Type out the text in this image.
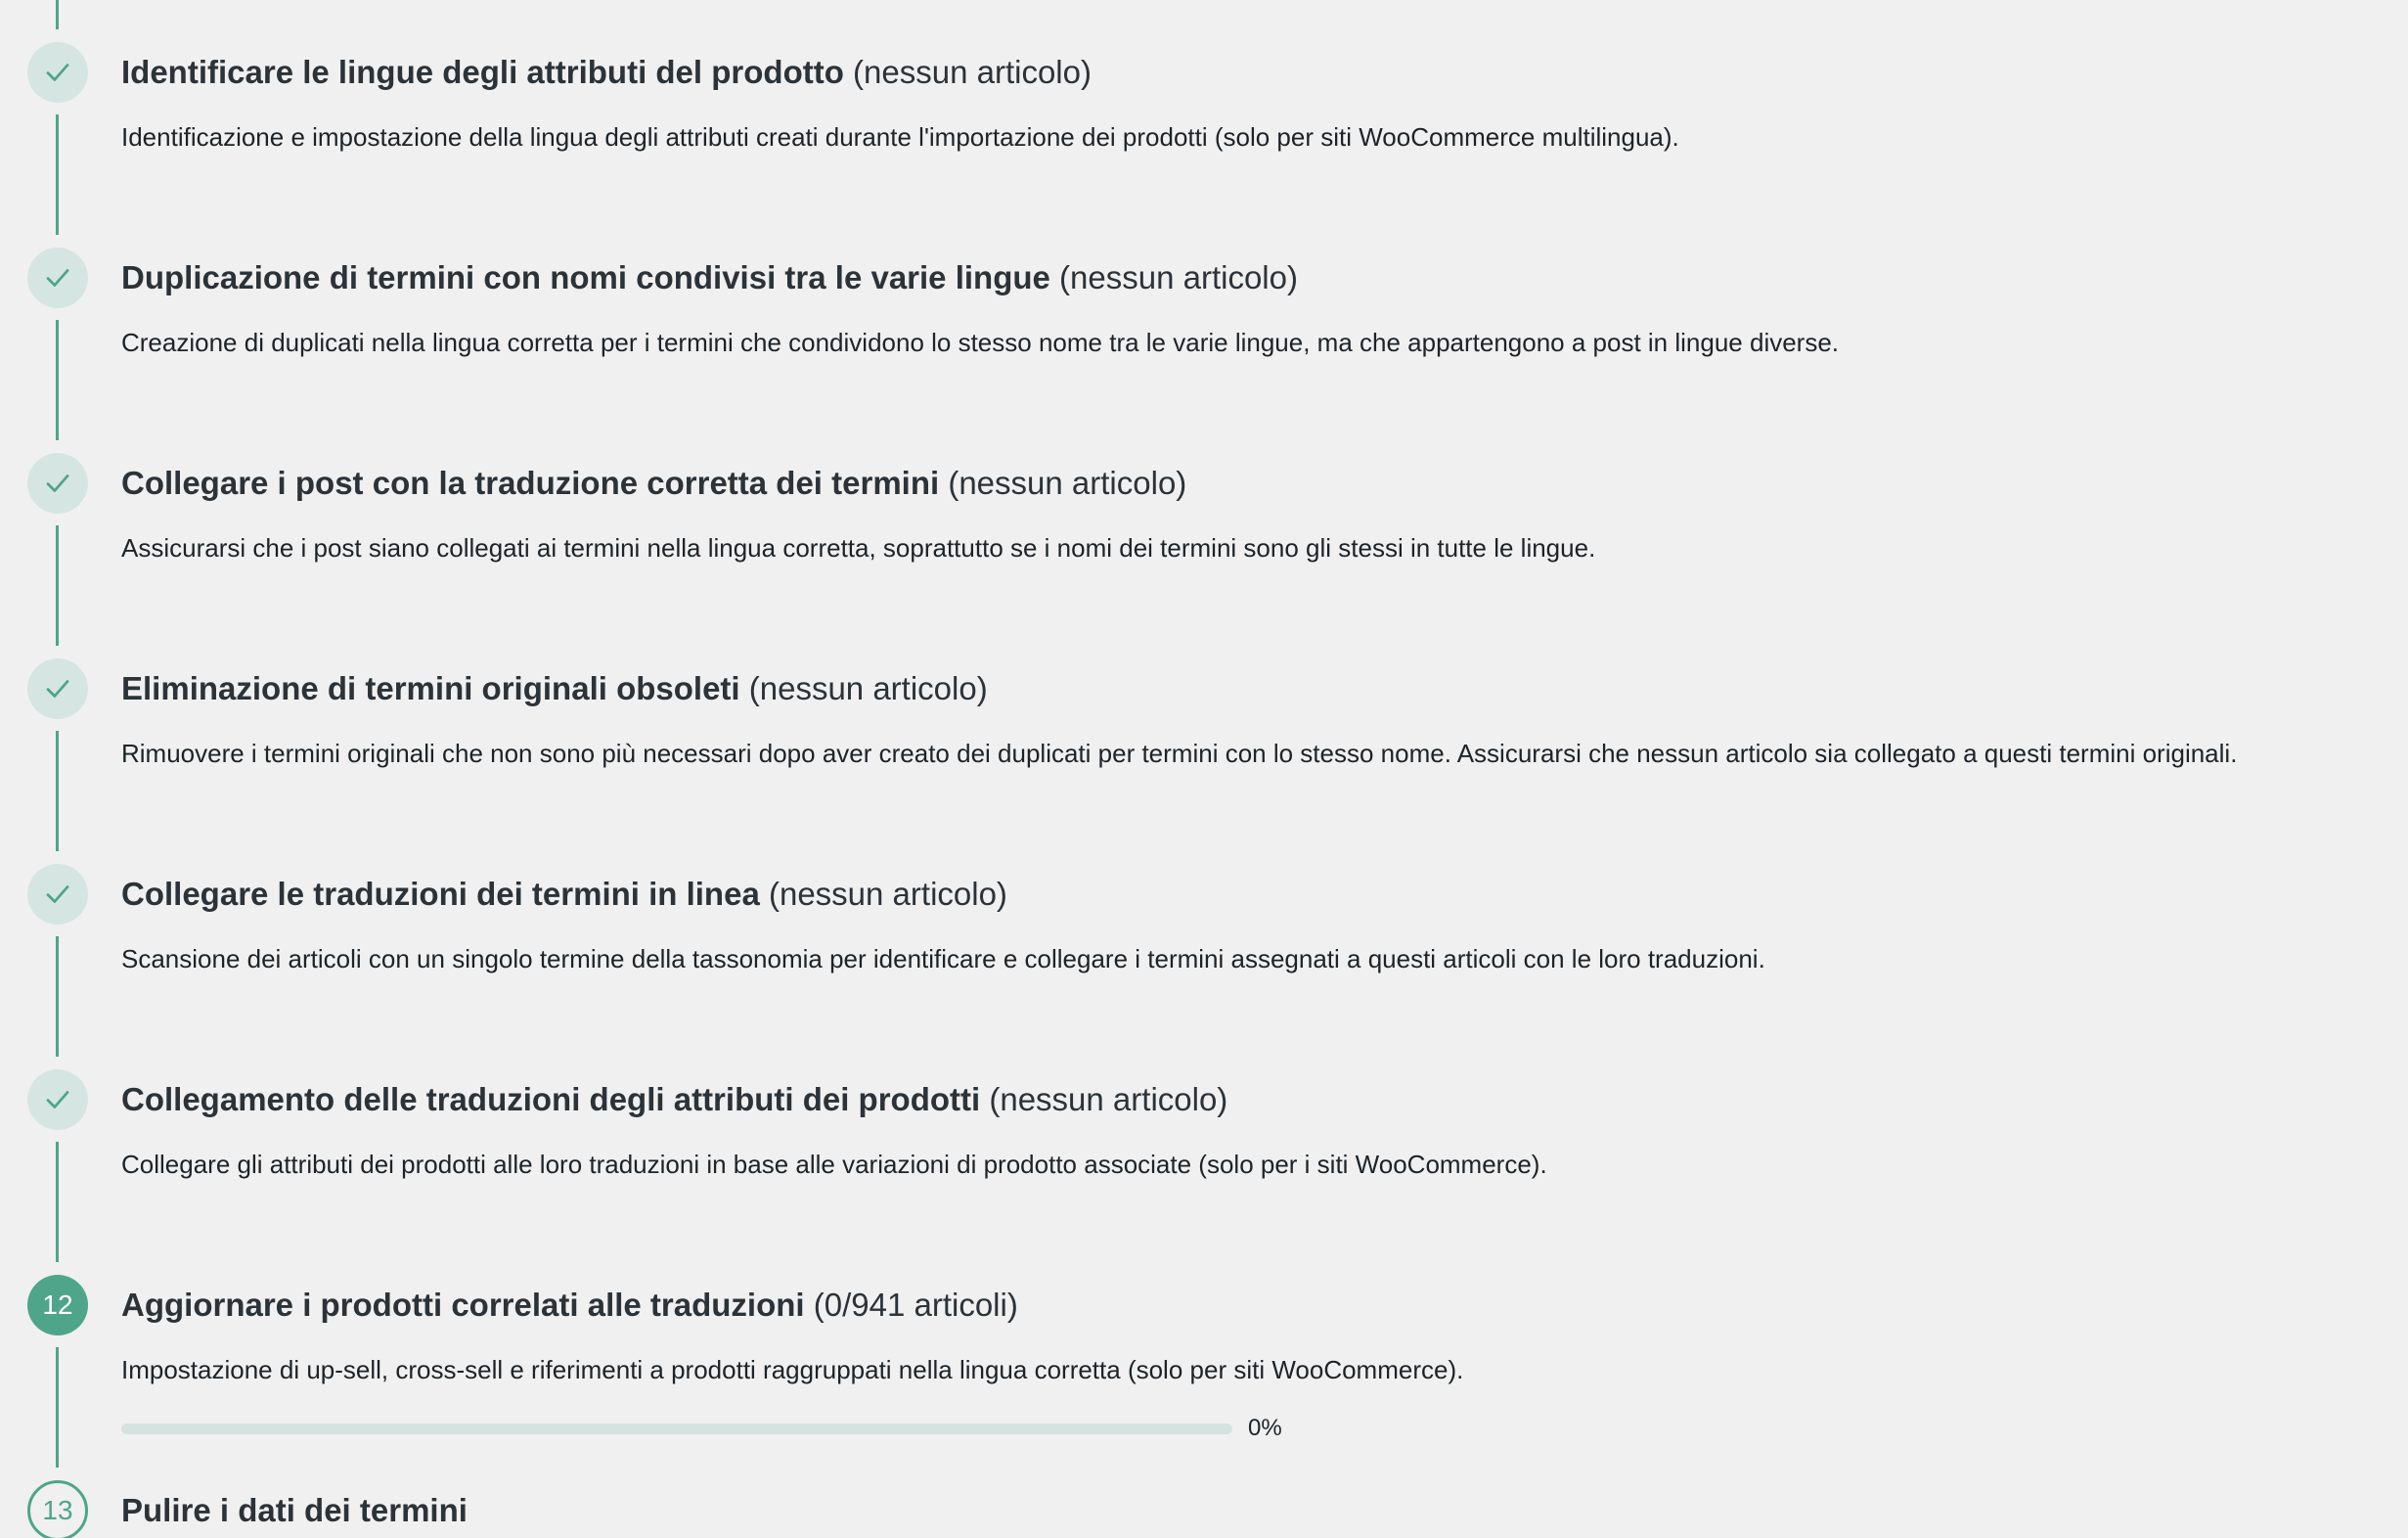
Identificare le lingue degli attributi del prodotto (nessun articolo)
Identificazione e impostazione della lingua degli attributi creati durante l'importazione dei prodotti (solo per siti WooCommerce multilingua).
Duplicazione di termini con nomi condivisi tra le varie lingue (nessun articolo)
Creazione di duplicati nella lingua corretta per i termini che condividono lo stesso nome tra le varie lingue, ma che appartengono a post in lingue diverse.
Collegare i post con la traduzione corretta dei termini (nessun articolo)
Assicurarsi che i post siano collegati ai termini nella lingua corretta, soprattutto se i nomi dei termini sono gli stessi in tutte le lingue.
Eliminazione di termini originali obsoleti (nessun articolo)
Rimuovere i termini originali che non sono più necessari dopo aver creato dei duplicati per termini con lo stesso nome. Assicurarsi che nessun articolo sia collegato a questi termini originali.
Collegare le traduzioni dei termini in linea (nessun articolo)
Scansione dei articoli con un singolo termine della tassonomia per identificare e collegare i termini assegnati a questi articoli con le loro traduzioni.
Collegamento delle traduzioni degli attributi dei prodotti (nessun articolo)
Collegare gli attributi dei prodotti alle loro traduzioni in base alle variazioni di prodotto associate (solo per i siti WooCommerce).
12	Aggiornare i prodotti correlati alle traduzioni (0/941 articoli)
Impostazione di up-sell, cross-sell e riferimenti a prodotti raggruppati nella lingua corretta (solo per siti WooCommerce).
0%
13	Pulire i dati dei termini
